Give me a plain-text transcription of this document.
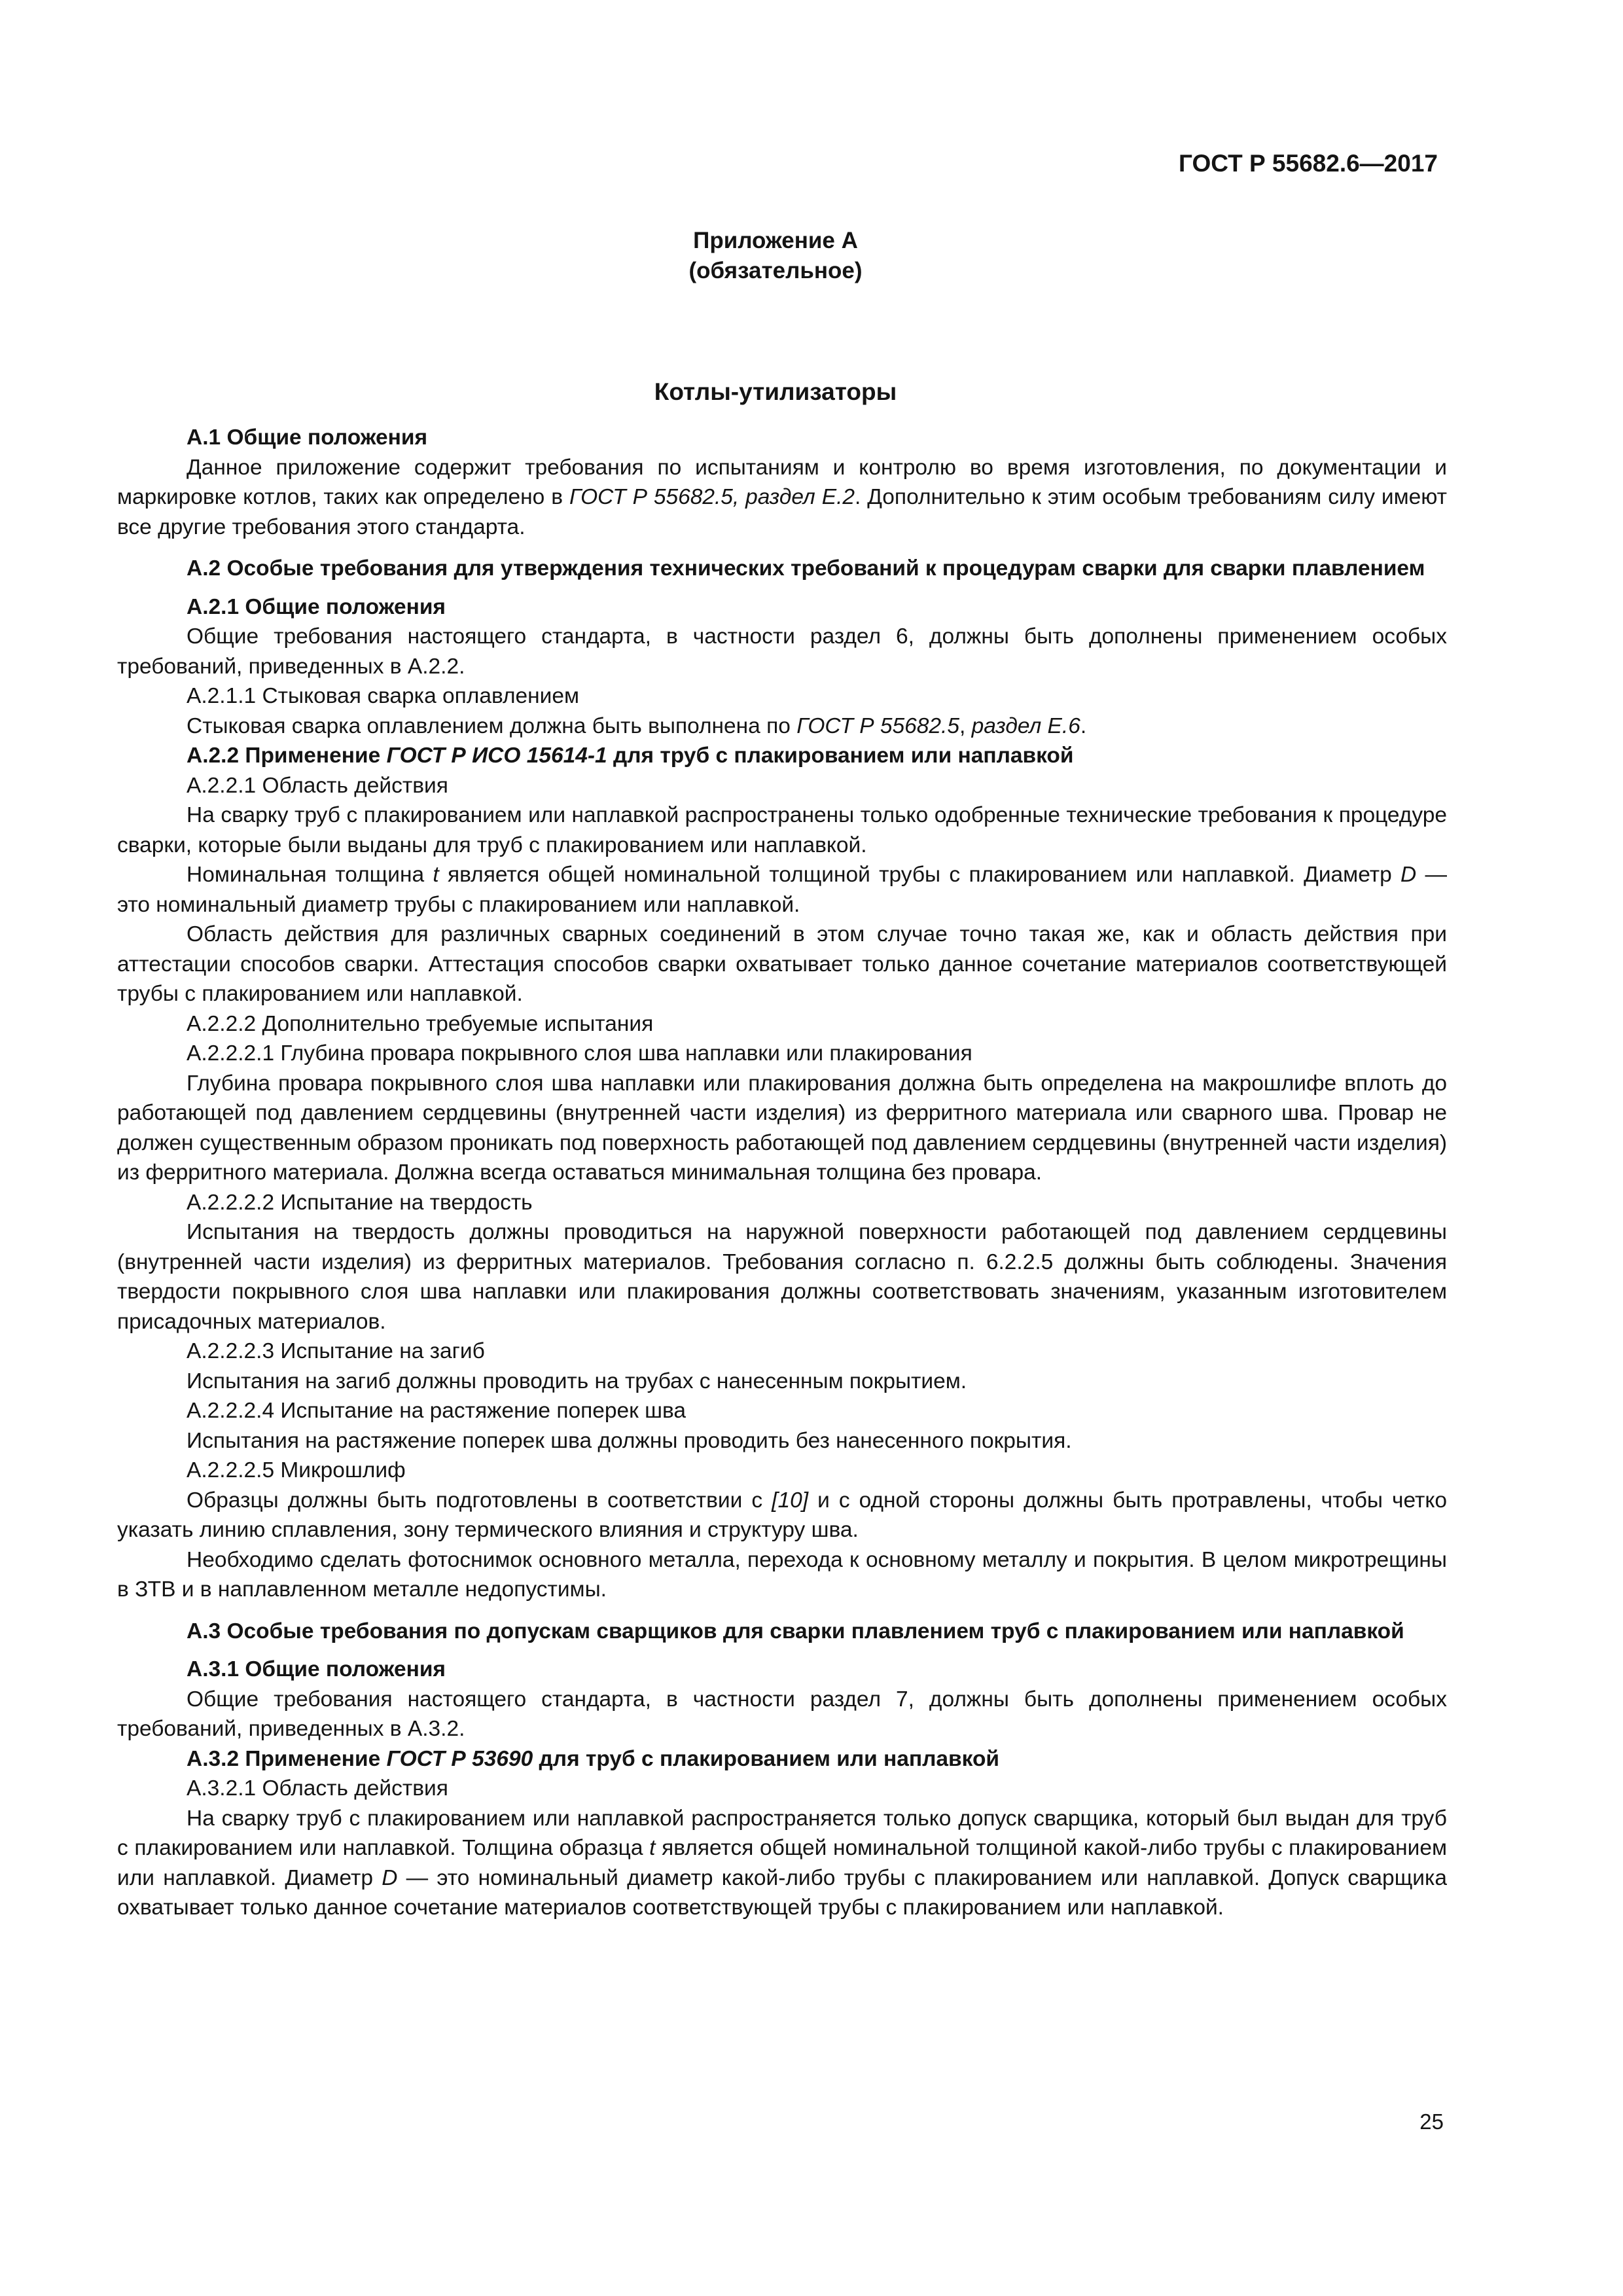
ГОСТ Р 55682.6—2017
Приложение А
(обязательное)
Котлы-утилизаторы

А.1 Общие положения

Данное приложение содержит требования по испытаниям и контролю во время изготовления, по документации и маркировке котлов, таких как определено в ГОСТ Р 55682.5, раздел Е.2. Дополнительно к этим особым требованиям силу имеют все другие требования этого стандарта.

А.2 Особые требования для утверждения технических требований к процедурам сварки для сварки плавлением

А.2.1 Общие положения

Общие требования настоящего стандарта, в частности раздел 6, должны быть дополнены применением особых требований, приведенных в А.2.2.

А.2.1.1 Стыковая сварка оплавлением

Стыковая сварка оплавлением должна быть выполнена по ГОСТ Р 55682.5, раздел Е.6.

А.2.2 Применение ГОСТ Р ИСО 15614-1 для труб с плакированием или наплавкой

А.2.2.1 Область действия

На сварку труб с плакированием или наплавкой распространены только одобренные технические требования к процедуре сварки, которые были выданы для труб с плакированием или наплавкой.

Номинальная толщина t является общей номинальной толщиной трубы с плакированием или наплавкой. Диаметр D — это номинальный диаметр трубы с плакированием или наплавкой.

Область действия для различных сварных соединений в этом случае точно такая же, как и область действия при аттестации способов сварки. Аттестация способов сварки охватывает только данное сочетание материалов соответствующей трубы с плакированием или наплавкой.

А.2.2.2 Дополнительно требуемые испытания

А.2.2.2.1 Глубина провара покрывного слоя шва наплавки или плакирования

Глубина провара покрывного слоя шва наплавки или плакирования должна быть определена на макрошлифе вплоть до работающей под давлением сердцевины (внутренней части изделия) из ферритного материала или сварного шва. Провар не должен существенным образом проникать под поверхность работающей под давлением сердцевины (внутренней части изделия) из ферритного материала. Должна всегда оставаться минимальная толщина без провара.

А.2.2.2.2 Испытание на твердость

Испытания на твердость должны проводиться на наружной поверхности работающей под давлением сердцевины (внутренней части изделия) из ферритных материалов. Требования согласно п. 6.2.2.5 должны быть соблюдены. Значения твердости покрывного слоя шва наплавки или плакирования должны соответствовать значениям, указанным изготовителем присадочных материалов.

А.2.2.2.3 Испытание на загиб

Испытания на загиб должны проводить на трубах с нанесенным покрытием.

А.2.2.2.4 Испытание на растяжение поперек шва

Испытания на растяжение поперек шва должны проводить без нанесенного покрытия.

А.2.2.2.5 Микрошлиф

Образцы должны быть подготовлены в соответствии с [10] и с одной стороны должны быть протравлены, чтобы четко указать линию сплавления, зону термического влияния и структуру шва.

Необходимо сделать фотоснимок основного металла, перехода к основному металлу и покрытия. В целом микротрещины в ЗТВ и в наплавленном металле недопустимы.

А.3 Особые требования по допускам сварщиков для сварки плавлением труб с плакированием или наплавкой

А.3.1 Общие положения

Общие требования настоящего стандарта, в частности раздел 7, должны быть дополнены применением особых требований, приведенных в А.3.2.

А.3.2 Применение ГОСТ Р 53690 для труб с плакированием или наплавкой

А.3.2.1 Область действия

На сварку труб с плакированием или наплавкой распространяется только допуск сварщика, который был выдан для труб с плакированием или наплавкой. Толщина образца t является общей номинальной толщиной какой-либо трубы с плакированием или наплавкой. Диаметр D — это номинальный диаметр какой-либо трубы с плакированием или наплавкой. Допуск сварщика охватывает только данное сочетание материалов соответствующей трубы с плакированием или наплавкой.

25
